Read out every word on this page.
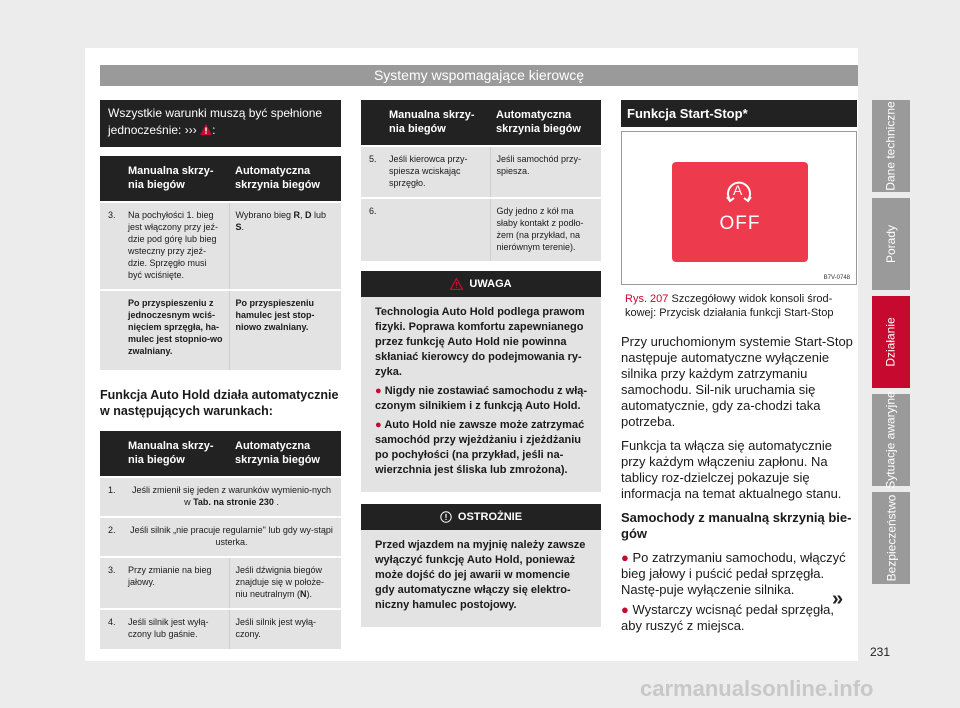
Systemy wspomagające kierowcę
Dane techniczne
Porady
Działanie
Sytuacje awaryjne
Bezpieczeństwo
Wszystkie warunki muszą być spełnione jednocześnie: ››› :
	Manualna skrzy-nia biegów	Automatyczna skrzynia biegów
3.	Na pochyłości 1. bieg jest włączony przy jeź-dzie pod górę lub bieg wsteczny przy zjeź-dzie. Sprzęgło musi być wciśnięte.	Wybrano bieg R, D lub S.
	Po przyspieszeniu z jednoczesnym wciś-nięciem sprzęgła, ha-mulec jest stopnio-wo zwalniany.	Po przyspieszeniu hamulec jest stop-niowo zwalniany.
Funkcja Auto Hold działa automatycznie w następujących warunkach:
	Manualna skrzy-nia biegów	Automatyczna skrzynia biegów
1.	Jeśli zmienił się jeden z warunków wymienio-nych w Tab. na stronie 230 .	
2.	Jeśli silnik „nie pracuje regularnie" lub gdy wy-stąpi usterka.	
3.	Przy zmianie na bieg jałowy.	Jeśli dźwignia biegów znajduje się w położe-niu neutralnym (N).
4.	Jeśli silnik jest wyłą-czony lub gaśnie.	Jeśli silnik jest wyłą-czony.
	Manualna skrzy-nia biegów	Automatyczna skrzynia biegów
5.	Jeśli kierowca przy-spiesza wciskając sprzęgło.	Jeśli samochód przy-spiesza.
6.		Gdy jedno z kół ma słaby kontakt z podło-żem (na przykład, na nierównym terenie).
UWAGA

Technologia Auto Hold podlega prawom fizyki. Poprawa komfortu zapewnianego przez funkcję Auto Hold nie powinna skłaniać kierowcy do podejmowania ry-zyka.

● Nigdy nie zostawiać samochodu z włą-czonym silnikiem i z funkcją Auto Hold.

● Auto Hold nie zawsze może zatrzymać samochód przy wjeżdżaniu i zjeżdżaniu po pochyłości (na przykład, jeśli na-wierzchnia jest śliska lub zmrożona).

OSTROŻNIE

Przed wjazdem na myjnię należy zawsze wyłączyć funkcję Auto Hold, ponieważ może dojść do jej awarii w momencie gdy automatyczne włączy się elektro-niczny hamulec postojowy.

Funkcja Start-Stop*
A
OFF
B7V-0748
Rys. 207 Szczegółowy widok konsoli środ-kowej: Przycisk działania funkcji Start-Stop

Przy uruchomionym systemie Start-Stop następuje automatyczne wyłączenie silnika przy każdym zatrzymaniu samochodu. Sil-nik uruchamia się automatycznie, gdy za-chodzi taka potrzeba.

Funkcja ta włącza się automatycznie przy każdym włączeniu zapłonu. Na tablicy roz-dzielczej pokazuje się informacja na temat aktualnego stanu.

Samochody z manualną skrzynią bie-gów

● Po zatrzymaniu samochodu, włączyć bieg jałowy i puścić pedał sprzęgła. Nastę-puje wyłączenie silnika.

● Wystarczy wcisnąć pedał sprzęgła, aby ruszyć z miejsca.

»
231
carmanualsonline.info
